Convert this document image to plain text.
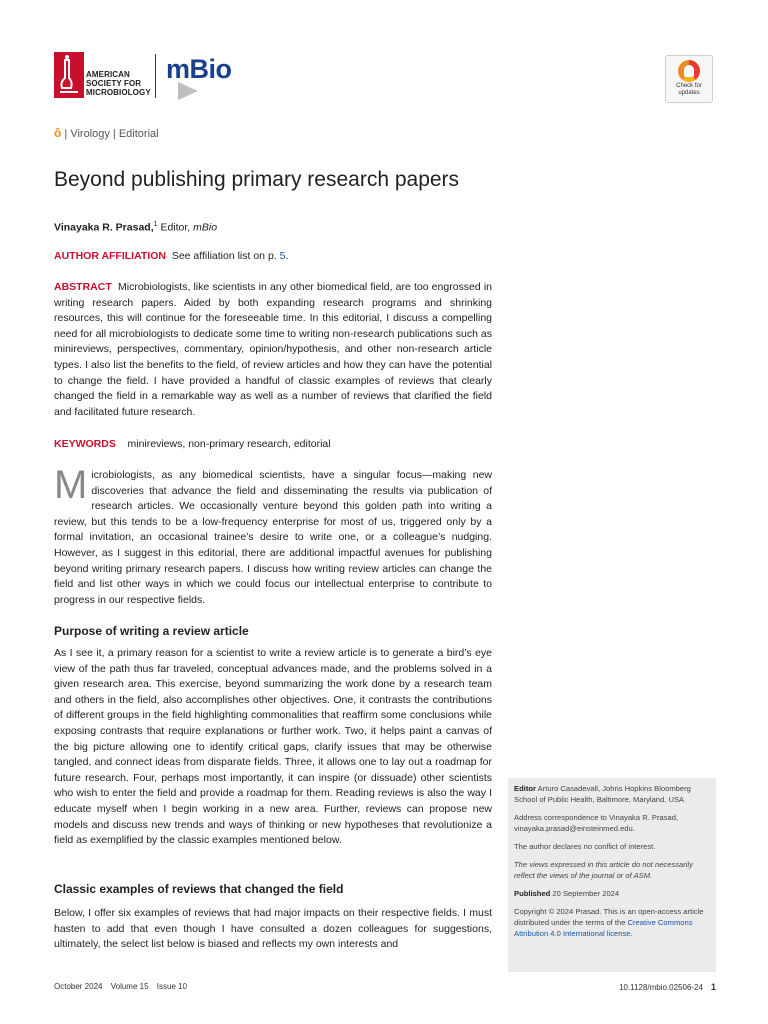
AMERICAN
SOCIETY FOR
MICROBIOLOGY
mBio
Check for
updates
ô | Virology | Editorial
Beyond publishing primary research papers
Vinayaka R. Prasad,$^1$ Editor, mBio
AUTHOR AFFILIATION See affiliation list on p. 5.
ABSTRACT Microbiologists, like scientists in any other biomedical field, are too engrossed in writing research papers. Aided by both expanding research programs and shrinking resources, this will continue for the foreseeable time. In this editorial, I discuss a compelling need for all microbiologists to dedicate some time to writing non-research publications such as minireviews, perspectives, commentary, opinion/hypothesis, and other non-research article types. I also list the benefits to the field, of review articles and how they can have the potential to change the field. I have provided a handful of classic examples of reviews that clearly changed the field in a remarkable way as well as a number of reviews that clarified the field and facilitated future research.
KEYWORDS minireviews, non-primary research, editorial
Microbiologists, as any biomedical scientists, have a singular focus—making new discoveries that advance the field and disseminating the results via publication of research articles. We occasionally venture beyond this golden path into writing a review, but this tends to be a low-frequency enterprise for most of us, triggered only by a formal invitation, an occasional trainee’s desire to write one, or a colleague’s nudging. However, as I suggest in this editorial, there are additional impactful avenues for publishing beyond writing primary research papers. I discuss how writing review articles can change the field and list other ways in which we could focus our intellectual enterprise to contribute to progress in our respective fields.
Purpose of writing a review article
As I see it, a primary reason for a scientist to write a review article is to generate a bird’s eye view of the path thus far traveled, conceptual advances made, and the problems solved in a given research area. This exercise, beyond summarizing the work done by a research team and others in the field, also accomplishes other objectives. One, it contrasts the contributions of different groups in the field highlighting commonalities that reaffirm some conclusions while exposing contrasts that require explanations or further work. Two, it helps paint a canvas of the big picture allowing one to identify critical gaps, clarify issues that may be otherwise tangled, and connect ideas from disparate fields. Three, it allows one to lay out a roadmap for future research. Four, perhaps most importantly, it can inspire (or dissuade) other scientists who wish to enter the field and provide a roadmap for them. Reading reviews is also the way I educate myself when I begin working in a new area. Further, reviews can propose new models and discuss new trends and ways of thinking or new hypotheses that revolutionize a field as exemplified by the classic examples mentioned below.
Classic examples of reviews that changed the field
Below, I offer six examples of reviews that had major impacts on their respective fields. I must hasten to add that even though I have consulted a dozen colleagues for suggestions, ultimately, the select list below is biased and reflects my own interests and

Editor Arturo Casadevall, Johns Hopkins Bloomberg School of Public Health, Baltimore, Maryland, USA

Address correspondence to Vinayaka R. Prasad, vinayaka.prasad@einsteinmed.edu.

The author declares no conflict of interest.

The views expressed in this article do not necessarily reflect the views of the journal or of ASM.

Published 20 September 2024

Copyright © 2024 Prasad. This is an open-access article distributed under the terms of the Creative Commons Attribution 4.0 International license.

October 2024 Volume 15 Issue 10	10.1128/mbio.02506-24 1
